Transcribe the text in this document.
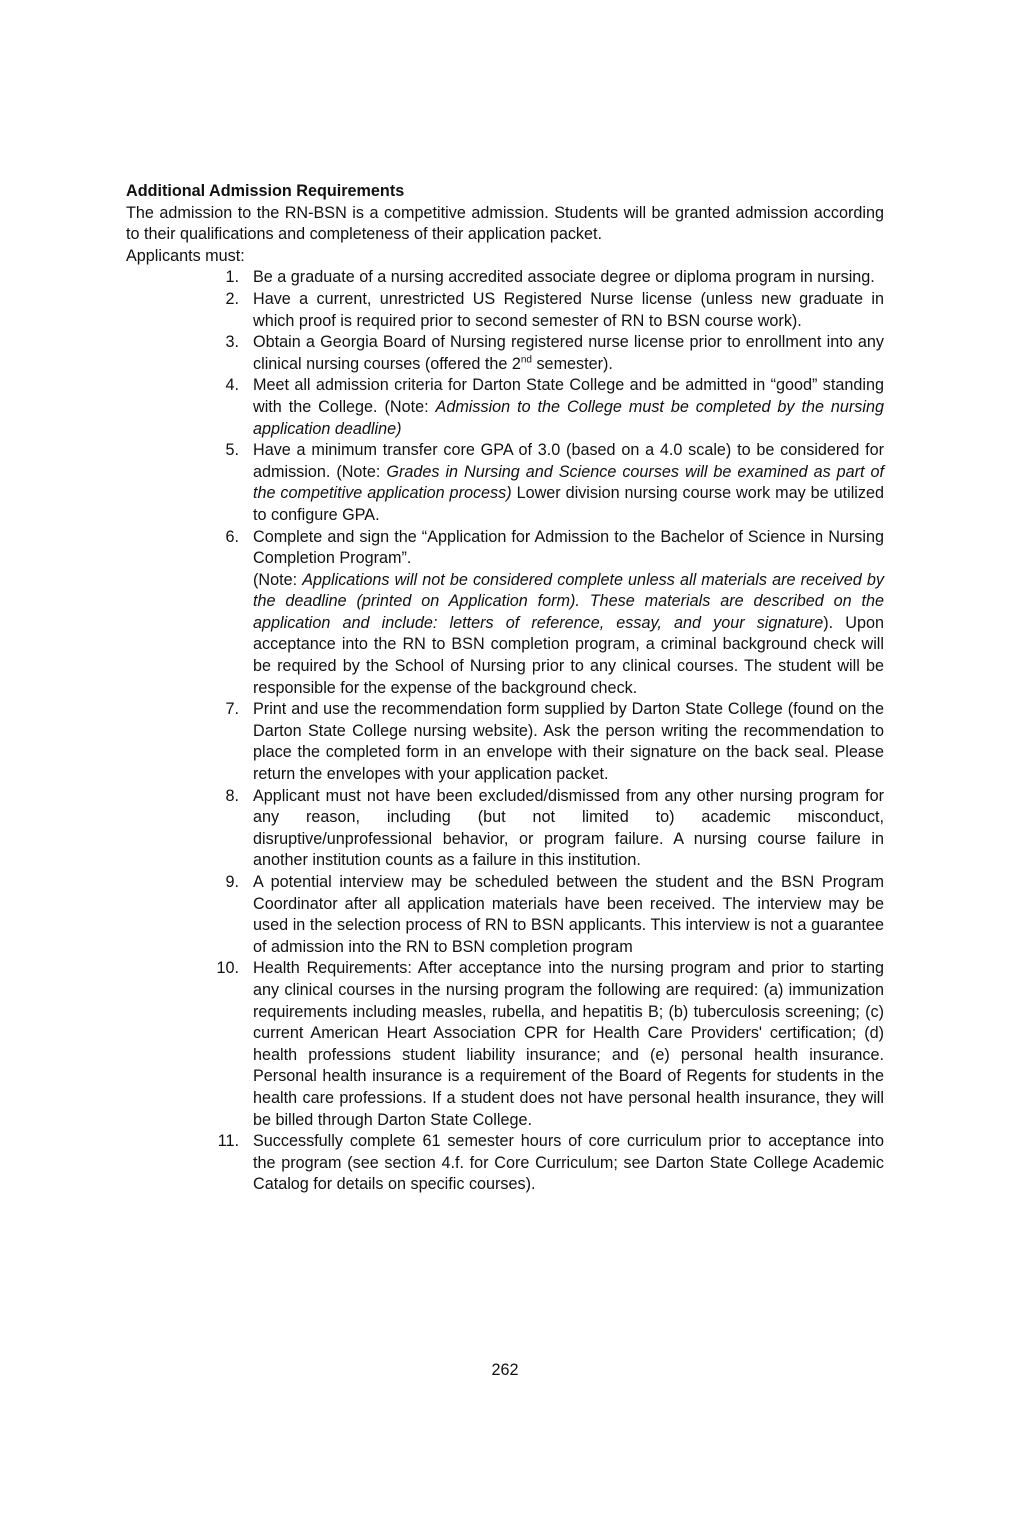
Additional Admission Requirements

The admission to the RN-BSN is a competitive admission. Students will be granted admission according to their qualifications and completeness of their application packet.

Applicants must:

1. Be a graduate of a nursing accredited associate degree or diploma program in nursing.
2. Have a current, unrestricted US Registered Nurse license (unless new graduate in which proof is required prior to second semester of RN to BSN course work).
3. Obtain a Georgia Board of Nursing registered nurse license prior to enrollment into any clinical nursing courses (offered the 2nd semester).
4. Meet all admission criteria for Darton State College and be admitted in “good” standing with the College. (Note: Admission to the College must be completed by the nursing application deadline)
5. Have a minimum transfer core GPA of 3.0 (based on a 4.0 scale) to be considered for admission. (Note: Grades in Nursing and Science courses will be examined as part of the competitive application process) Lower division nursing course work may be utilized to configure GPA.
6. Complete and sign the “Application for Admission to the Bachelor of Science in Nursing Completion Program”.
(Note: Applications will not be considered complete unless all materials are received by the deadline (printed on Application form). These materials are described on the application and include: letters of reference, essay, and your signature). Upon acceptance into the RN to BSN completion program, a criminal background check will be required by the School of Nursing prior to any clinical courses. The student will be responsible for the expense of the background check.
7. Print and use the recommendation form supplied by Darton State College (found on the Darton State College nursing website). Ask the person writing the recommendation to place the completed form in an envelope with their signature on the back seal. Please return the envelopes with your application packet.
8. Applicant must not have been excluded/dismissed from any other nursing program for any reason, including (but not limited to) academic misconduct, disruptive/unprofessional behavior, or program failure. A nursing course failure in another institution counts as a failure in this institution.
9. A potential interview may be scheduled between the student and the BSN Program Coordinator after all application materials have been received. The interview may be used in the selection process of RN to BSN applicants. This interview is not a guarantee of admission into the RN to BSN completion program
10. Health Requirements: After acceptance into the nursing program and prior to starting any clinical courses in the nursing program the following are required: (a) immunization requirements including measles, rubella, and hepatitis B; (b) tuberculosis screening; (c) current American Heart Association CPR for Health Care Providers' certification; (d) health professions student liability insurance; and (e) personal health insurance. Personal health insurance is a requirement of the Board of Regents for students in the health care professions. If a student does not have personal health insurance, they will be billed through Darton State College.
11. Successfully complete 61 semester hours of core curriculum prior to acceptance into the program (see section 4.f. for Core Curriculum; see Darton State College Academic Catalog for details on specific courses).
262
